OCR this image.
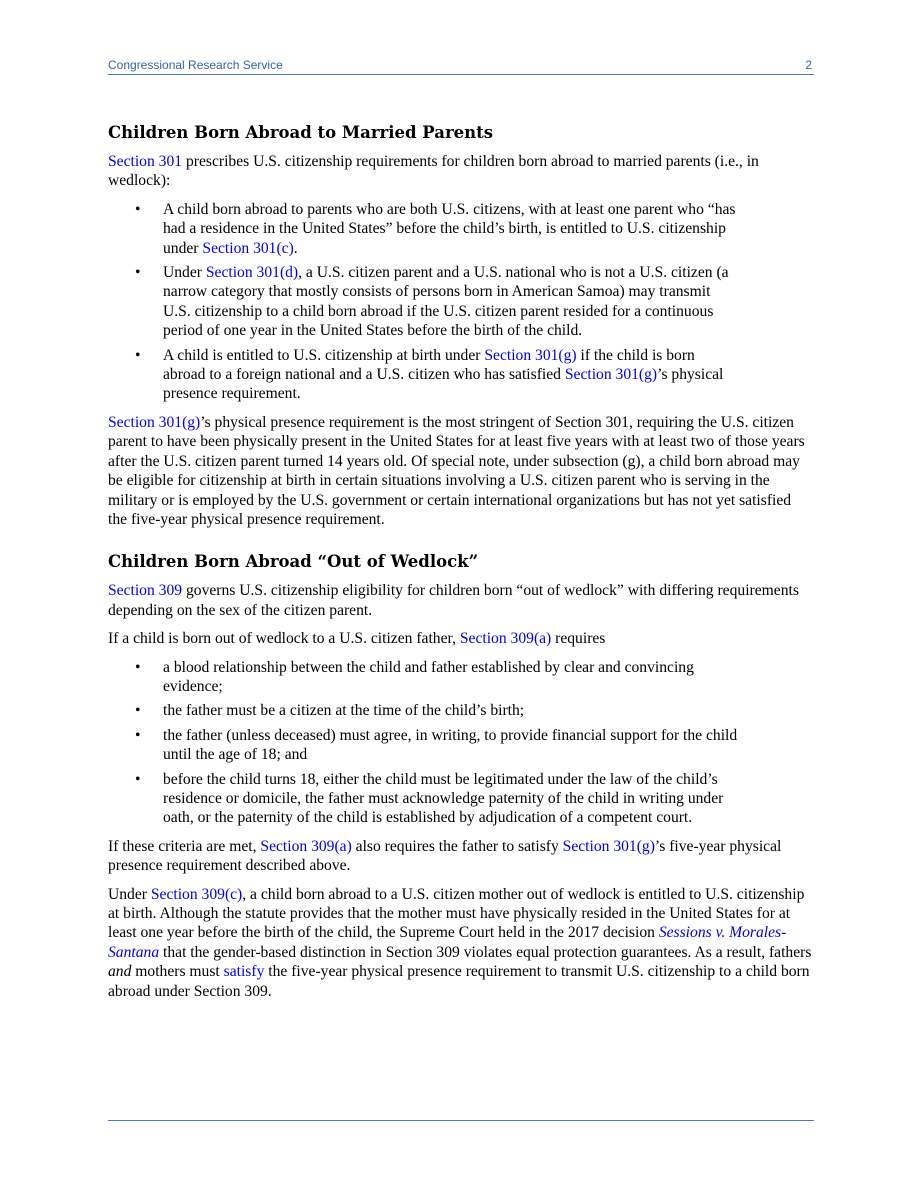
Congressional Research Service	2
Children Born Abroad to Married Parents

Section 301 prescribes U.S. citizenship requirements for children born abroad to married parents (i.e., in wedlock):

• A child born abroad to parents who are both U.S. citizens, with at least one parent who “has had a residence in the United States” before the child’s birth, is entitled to U.S. citizenship under Section 301(c).
• Under Section 301(d), a U.S. citizen parent and a U.S. national who is not a U.S. citizen (a narrow category that mostly consists of persons born in American Samoa) may transmit U.S. citizenship to a child born abroad if the U.S. citizen parent resided for a continuous period of one year in the United States before the birth of the child.
• A child is entitled to U.S. citizenship at birth under Section 301(g) if the child is born abroad to a foreign national and a U.S. citizen who has satisfied Section 301(g)’s physical presence requirement.

Section 301(g)’s physical presence requirement is the most stringent of Section 301, requiring the U.S. citizen parent to have been physically present in the United States for at least five years with at least two of those years after the U.S. citizen parent turned 14 years old. Of special note, under subsection (g), a child born abroad may be eligible for citizenship at birth in certain situations involving a U.S. citizen parent who is serving in the military or is employed by the U.S. government or certain international organizations but has not yet satisfied the five-year physical presence requirement.

Children Born Abroad “Out of Wedlock”

Section 309 governs U.S. citizenship eligibility for children born “out of wedlock” with differing requirements depending on the sex of the citizen parent.

If a child is born out of wedlock to a U.S. citizen father, Section 309(a) requires

• a blood relationship between the child and father established by clear and convincing evidence;
• the father must be a citizen at the time of the child’s birth;
• the father (unless deceased) must agree, in writing, to provide financial support for the child until the age of 18; and
• before the child turns 18, either the child must be legitimated under the law of the child’s residence or domicile, the father must acknowledge paternity of the child in writing under oath, or the paternity of the child is established by adjudication of a competent court.

If these criteria are met, Section 309(a) also requires the father to satisfy Section 301(g)’s five-year physical presence requirement described above.

Under Section 309(c), a child born abroad to a U.S. citizen mother out of wedlock is entitled to U.S. citizenship at birth. Although the statute provides that the mother must have physically resided in the United States for at least one year before the birth of the child, the Supreme Court held in the 2017 decision Sessions v. Morales-Santana that the gender-based distinction in Section 309 violates equal protection guarantees. As a result, fathers and mothers must satisfy the five-year physical presence requirement to transmit U.S. citizenship to a child born abroad under Section 309.
